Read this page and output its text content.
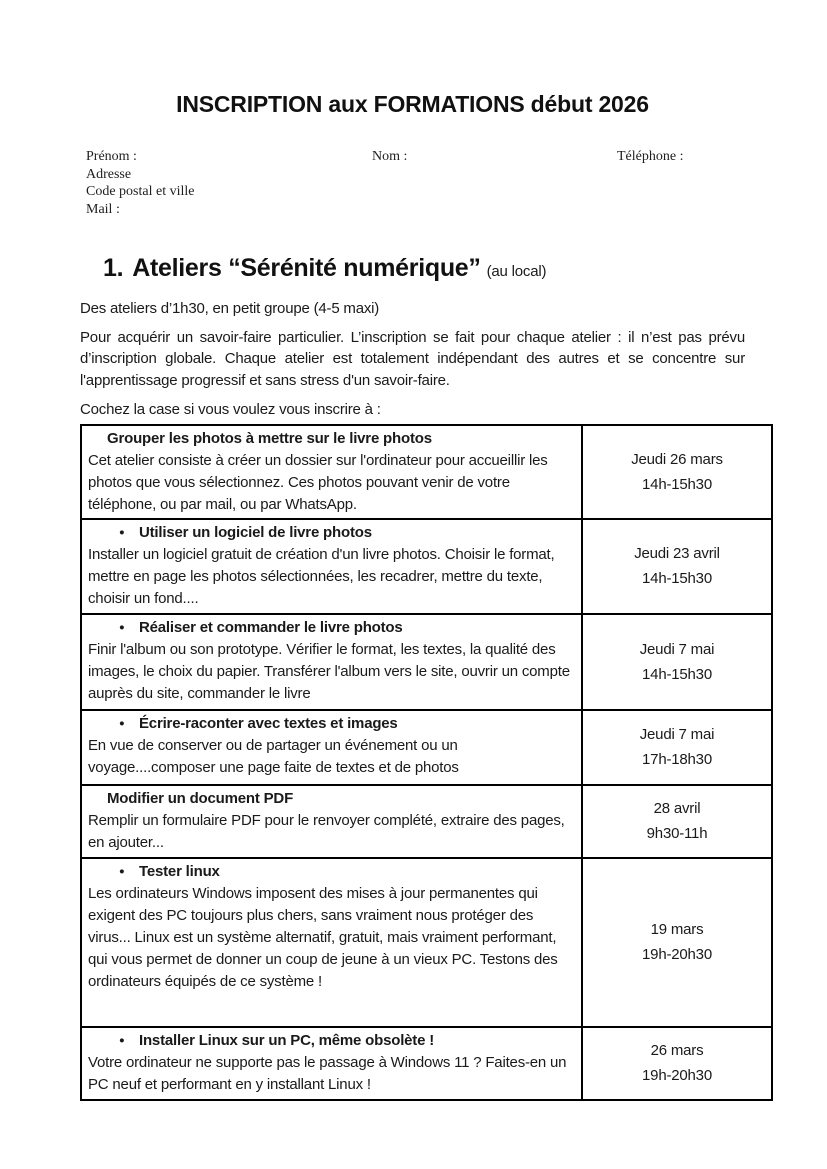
INSCRIPTION aux FORMATIONS début 2026
Prénom :	Nom :	Téléphone :
Adresse
Code postal et ville
Mail :
1. Ateliers “Sérénité numérique” (au local)

Des ateliers d’1h30, en petit groupe (4-5 maxi)

Pour acquérir un savoir-faire particulier. L’inscription se fait pour chaque atelier : il n’est pas prévu d’inscription globale. Chaque atelier est totalement indépendant des autres et se concentre sur l'apprentissage progressif et sans stress d'un savoir-faire.

Cochez la case si vous voulez vous inscrire à :

Grouper les photos à mettre sur le livre photos
Cet atelier consiste à créer un dossier sur l'ordinateur pour accueillir les photos que vous sélectionnez. Ces photos pouvant venir de votre téléphone, ou par mail, ou par WhatsApp.

Jeudi 26 mars
14h-15h30

● Utiliser un logiciel de livre photos
Installer un logiciel gratuit de création d'un livre photos. Choisir le format, mettre en page les photos sélectionnées, les recadrer, mettre du texte, choisir un fond....

Jeudi 23 avril
14h-15h30

● Réaliser et commander le livre photos
Finir l'album ou son prototype. Vérifier le format, les textes, la qualité des images, le choix du papier. Transférer l'album vers le site, ouvrir un compte auprès du site, commander le livre

Jeudi 7 mai
14h-15h30

● Écrire-raconter avec textes et images
En vue de conserver ou de partager un événement ou un voyage....composer une page faite de textes et de photos

Jeudi 7 mai
17h-18h30

Modifier un document PDF
Remplir un formulaire PDF pour le renvoyer complété, extraire des pages, en ajouter...

28 avril
9h30-11h

● Tester linux
Les ordinateurs Windows imposent des mises à jour permanentes qui exigent des PC toujours plus chers, sans vraiment nous protéger des virus... Linux est un système alternatif, gratuit, mais vraiment performant, qui vous permet de donner un coup de jeune à un vieux PC. Testons des ordinateurs équipés de ce système !

19 mars
19h-20h30

● Installer Linux sur un PC, même obsolète !
Votre ordinateur ne supporte pas le passage à Windows 11 ? Faites-en un PC neuf et performant en y installant Linux !

26 mars
19h-20h30
